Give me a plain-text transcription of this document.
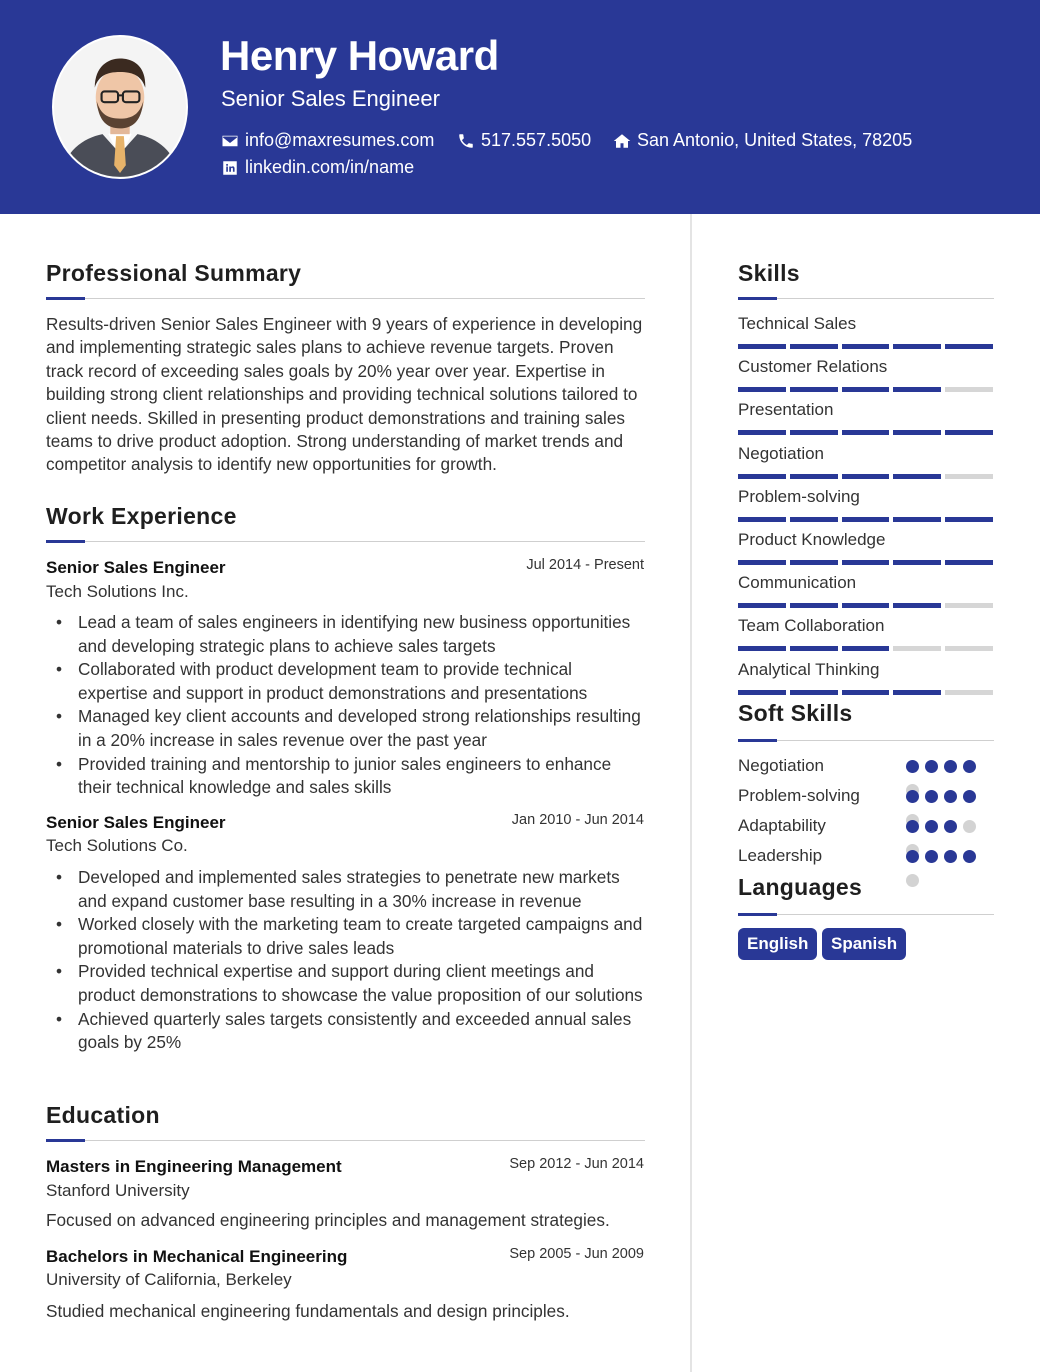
Henry Howard
Senior Sales Engineer
info@maxresumes.com	517.557.5050	San Antonio, United States, 78205
linkedin.com/in/name
Professional Summary
Results-driven Senior Sales Engineer with 9 years of experience in developing and implementing strategic sales plans to achieve revenue targets. Proven track record of exceeding sales goals by 20% year over year. Expertise in building strong client relationships and providing technical solutions tailored to client needs. Skilled in presenting product demonstrations and training sales teams to drive product adoption. Strong understanding of market trends and competitor analysis to identify new opportunities for growth.
Work Experience
Senior Sales Engineer	Jul 2014 - Present
Tech Solutions Inc.
• Lead a team of sales engineers in identifying new business opportunities and developing strategic plans to achieve sales targets
• Collaborated with product development team to provide technical expertise and support in product demonstrations and presentations
• Managed key client accounts and developed strong relationships resulting in a 20% increase in sales revenue over the past year
• Provided training and mentorship to junior sales engineers to enhance their technical knowledge and sales skills
Senior Sales Engineer	Jan 2010 - Jun 2014
Tech Solutions Co.
• Developed and implemented sales strategies to penetrate new markets and expand customer base resulting in a 30% increase in revenue
• Worked closely with the marketing team to create targeted campaigns and promotional materials to drive sales leads
• Provided technical expertise and support during client meetings and product demonstrations to showcase the value proposition of our solutions
• Achieved quarterly sales targets consistently and exceeded annual sales goals by 25%
Education
Masters in Engineering Management	Sep 2012 - Jun 2014
Stanford University
Focused on advanced engineering principles and management strategies.
Bachelors in Mechanical Engineering	Sep 2005 - Jun 2009
University of California, Berkeley
Studied mechanical engineering fundamentals and design principles.
Skills
Technical Sales
Customer Relations
Presentation
Negotiation
Problem-solving
Product Knowledge
Communication
Team Collaboration
Analytical Thinking
Soft Skills
Negotiation
Problem-solving
Adaptability
Leadership
Languages
English	Spanish
